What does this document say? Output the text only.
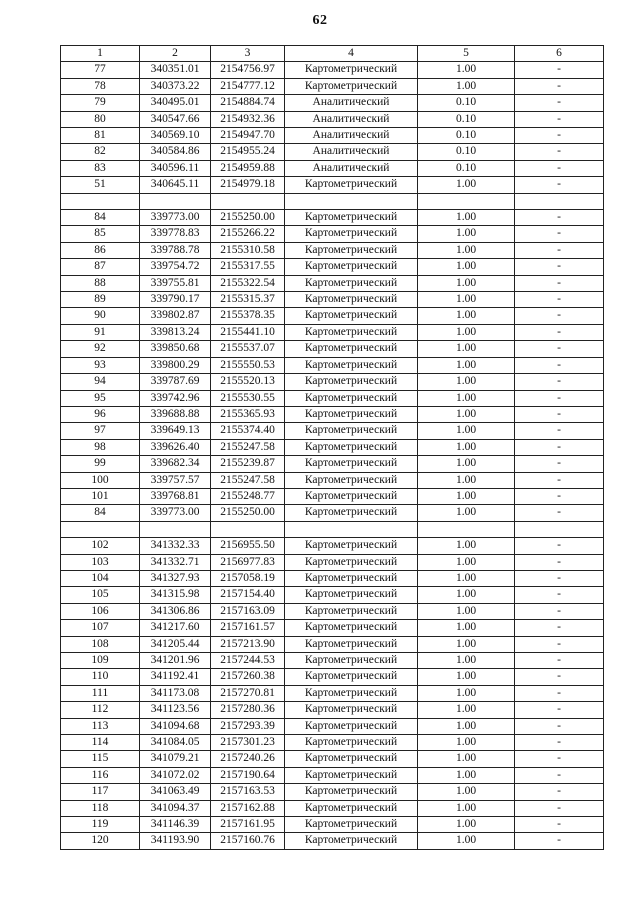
62
1	2	3	4	5	6
77	340351.01	2154756.97	Картометрический	1.00	-
78	340373.22	2154777.12	Картометрический	1.00	-
79	340495.01	2154884.74	Аналитический	0.10	-
80	340547.66	2154932.36	Аналитический	0.10	-
81	340569.10	2154947.70	Аналитический	0.10	-
82	340584.86	2154955.24	Аналитический	0.10	-
83	340596.11	2154959.88	Аналитический	0.10	-
51	340645.11	2154979.18	Картометрический	1.00	-

84	339773.00	2155250.00	Картометрический	1.00	-
85	339778.83	2155266.22	Картометрический	1.00	-
86	339788.78	2155310.58	Картометрический	1.00	-
87	339754.72	2155317.55	Картометрический	1.00	-
88	339755.81	2155322.54	Картометрический	1.00	-
89	339790.17	2155315.37	Картометрический	1.00	-
90	339802.87	2155378.35	Картометрический	1.00	-
91	339813.24	2155441.10	Картометрический	1.00	-
92	339850.68	2155537.07	Картометрический	1.00	-
93	339800.29	2155550.53	Картометрический	1.00	-
94	339787.69	2155520.13	Картометрический	1.00	-
95	339742.96	2155530.55	Картометрический	1.00	-
96	339688.88	2155365.93	Картометрический	1.00	-
97	339649.13	2155374.40	Картометрический	1.00	-
98	339626.40	2155247.58	Картометрический	1.00	-
99	339682.34	2155239.87	Картометрический	1.00	-
100	339757.57	2155247.58	Картометрический	1.00	-
101	339768.81	2155248.77	Картометрический	1.00	-
84	339773.00	2155250.00	Картометрический	1.00	-

102	341332.33	2156955.50	Картометрический	1.00	-
103	341332.71	2156977.83	Картометрический	1.00	-
104	341327.93	2157058.19	Картометрический	1.00	-
105	341315.98	2157154.40	Картометрический	1.00	-
106	341306.86	2157163.09	Картометрический	1.00	-
107	341217.60	2157161.57	Картометрический	1.00	-
108	341205.44	2157213.90	Картометрический	1.00	-
109	341201.96	2157244.53	Картометрический	1.00	-
110	341192.41	2157260.38	Картометрический	1.00	-
111	341173.08	2157270.81	Картометрический	1.00	-
112	341123.56	2157280.36	Картометрический	1.00	-
113	341094.68	2157293.39	Картометрический	1.00	-
114	341084.05	2157301.23	Картометрический	1.00	-
115	341079.21	2157240.26	Картометрический	1.00	-
116	341072.02	2157190.64	Картометрический	1.00	-
117	341063.49	2157163.53	Картометрический	1.00	-
118	341094.37	2157162.88	Картометрический	1.00	-
119	341146.39	2157161.95	Картометрический	1.00	-
120	341193.90	2157160.76	Картометрический	1.00	-
